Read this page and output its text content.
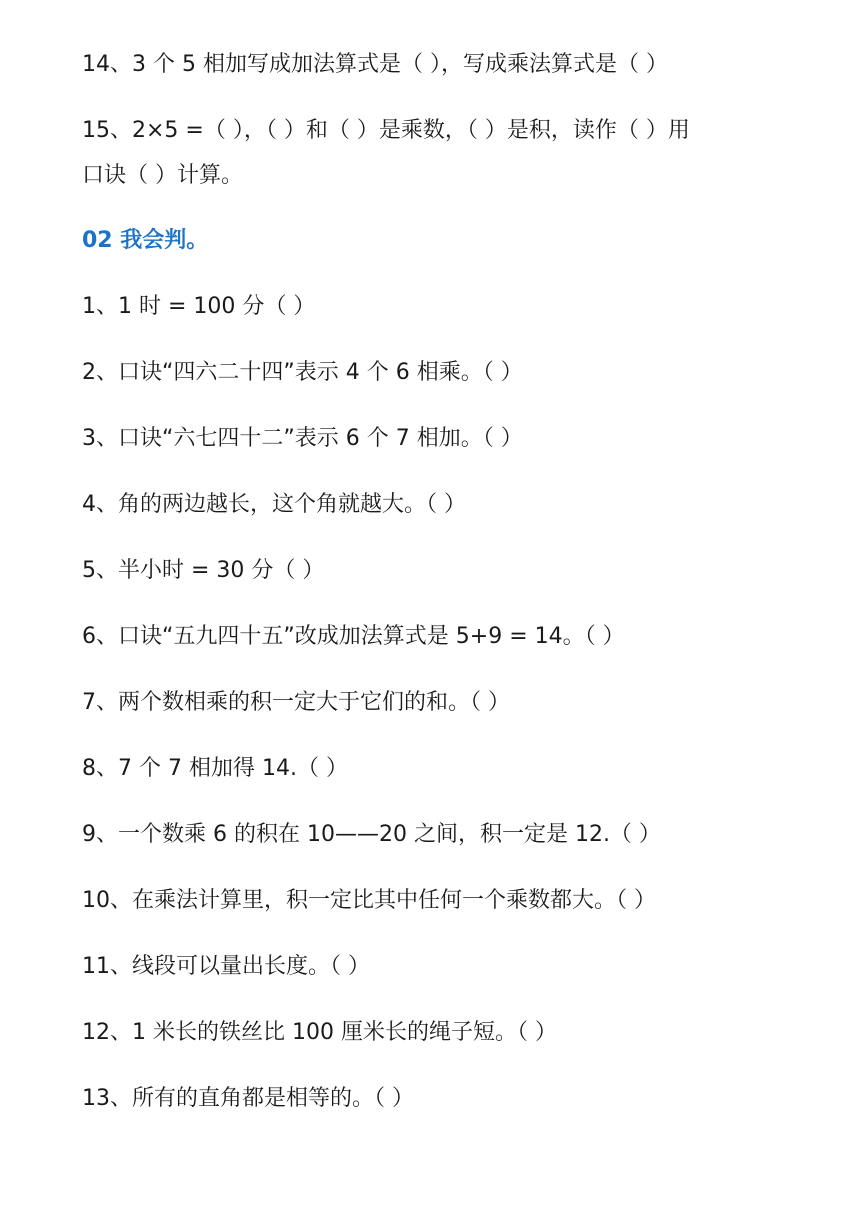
14、3 个 5 相加写成加法算式是（ ），写成乘法算式是（ ）
15、2×5 =（ ），（ ）和（ ）是乘数，（ ）是积，读作（ ）用
口诀（ ）计算。
02 我会判。
1、1 时 = 100 分（ ）
2、口诀“四六二十四”表示 4 个 6 相乘。（ ）
3、口诀“六七四十二”表示 6 个 7 相加。（ ）
4、角的两边越长，这个角就越大。（ ）
5、半小时 = 30 分（ ）
6、口诀“五九四十五”改成加法算式是 5+9 = 14。（ ）
7、两个数相乘的积一定大于它们的和。（ ）
8、7 个 7 相加得 14.（ ）
9、一个数乘 6 的积在 10——20 之间，积一定是 12.（ ）
10、在乘法计算里，积一定比其中任何一个乘数都大。（ ）
11、线段可以量出长度。（ ）
12、1 米长的铁丝比 100 厘米长的绳子短。（ ）
13、所有的直角都是相等的。（ ）
